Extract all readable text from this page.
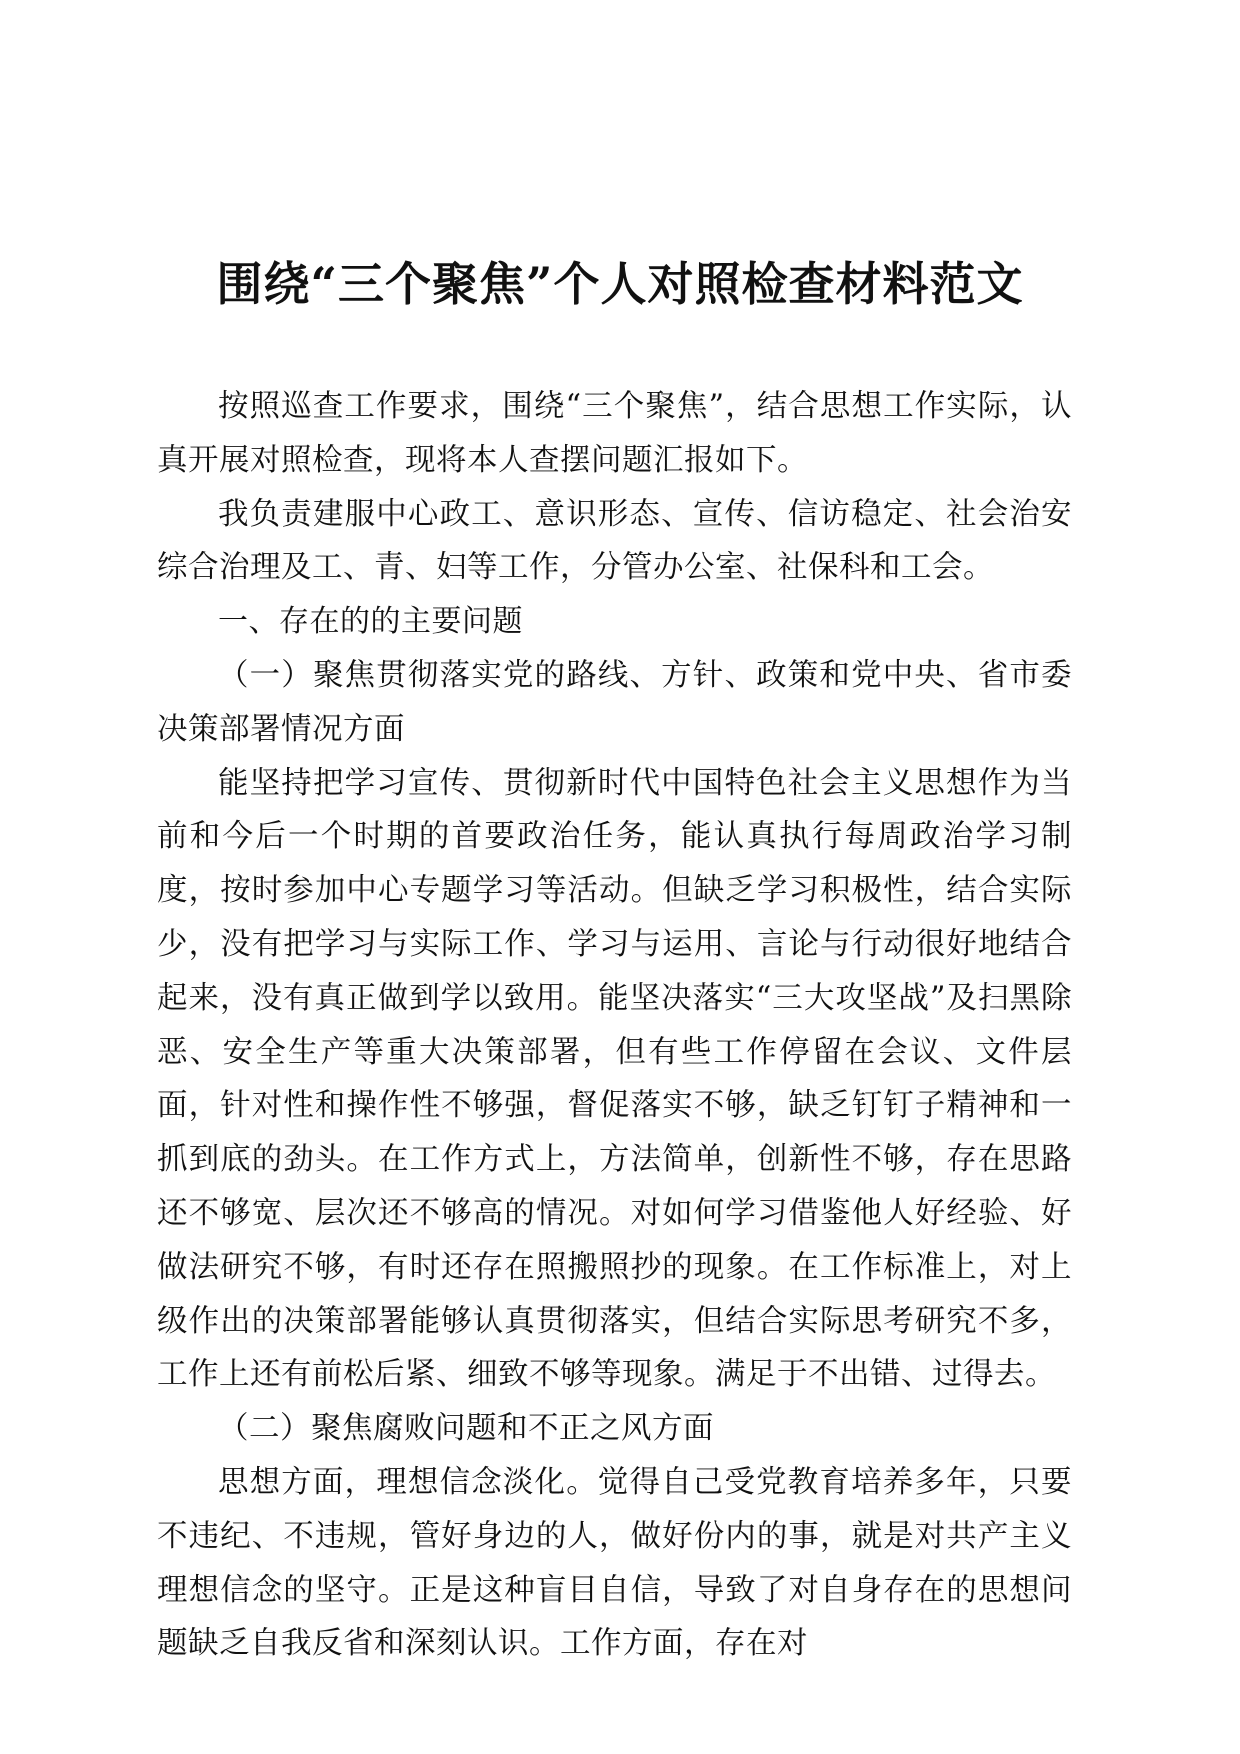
围绕“三个聚焦”个人对照检查材料范文

按照巡查工作要求，围绕“三个聚焦”，结合思想工作实际，认真开展对照检查，现将本人查摆问题汇报如下。

我负责建服中心政工、意识形态、宣传、信访稳定、社会治安综合治理及工、青、妇等工作，分管办公室、社保科和工会。

一、存在的的主要问题

（一）聚焦贯彻落实党的路线、方针、政策和党中央、省市委决策部署情况方面

能坚持把学习宣传、贯彻新时代中国特色社会主义思想作为当前和今后一个时期的首要政治任务，能认真执行每周政治学习制度，按时参加中心专题学习等活动。但缺乏学习积极性，结合实际少，没有把学习与实际工作、学习与运用、言论与行动很好地结合起来，没有真正做到学以致用。能坚决落实“三大攻坚战”及扫黑除恶、安全生产等重大决策部署，但有些工作停留在会议、文件层面，针对性和操作性不够强，督促落实不够，缺乏钉钉子精神和一抓到底的劲头。在工作方式上，方法简单，创新性不够，存在思路还不够宽、层次还不够高的情况。对如何学习借鉴他人好经验、好做法研究不够，有时还存在照搬照抄的现象。在工作标准上，对上级作出的决策部署能够认真贯彻落实，但结合实际思考研究不多，工作上还有前松后紧、细致不够等现象。满足于不出错、过得去。

（二）聚焦腐败问题和不正之风方面

思想方面，理想信念淡化。觉得自己受党教育培养多年，只要不违纪、不违规，管好身边的人，做好份内的事，就是对共产主义理想信念的坚守。正是这种盲目自信，导致了对自身存在的思想问题缺乏自我反省和深刻认识。工作方面，存在对
